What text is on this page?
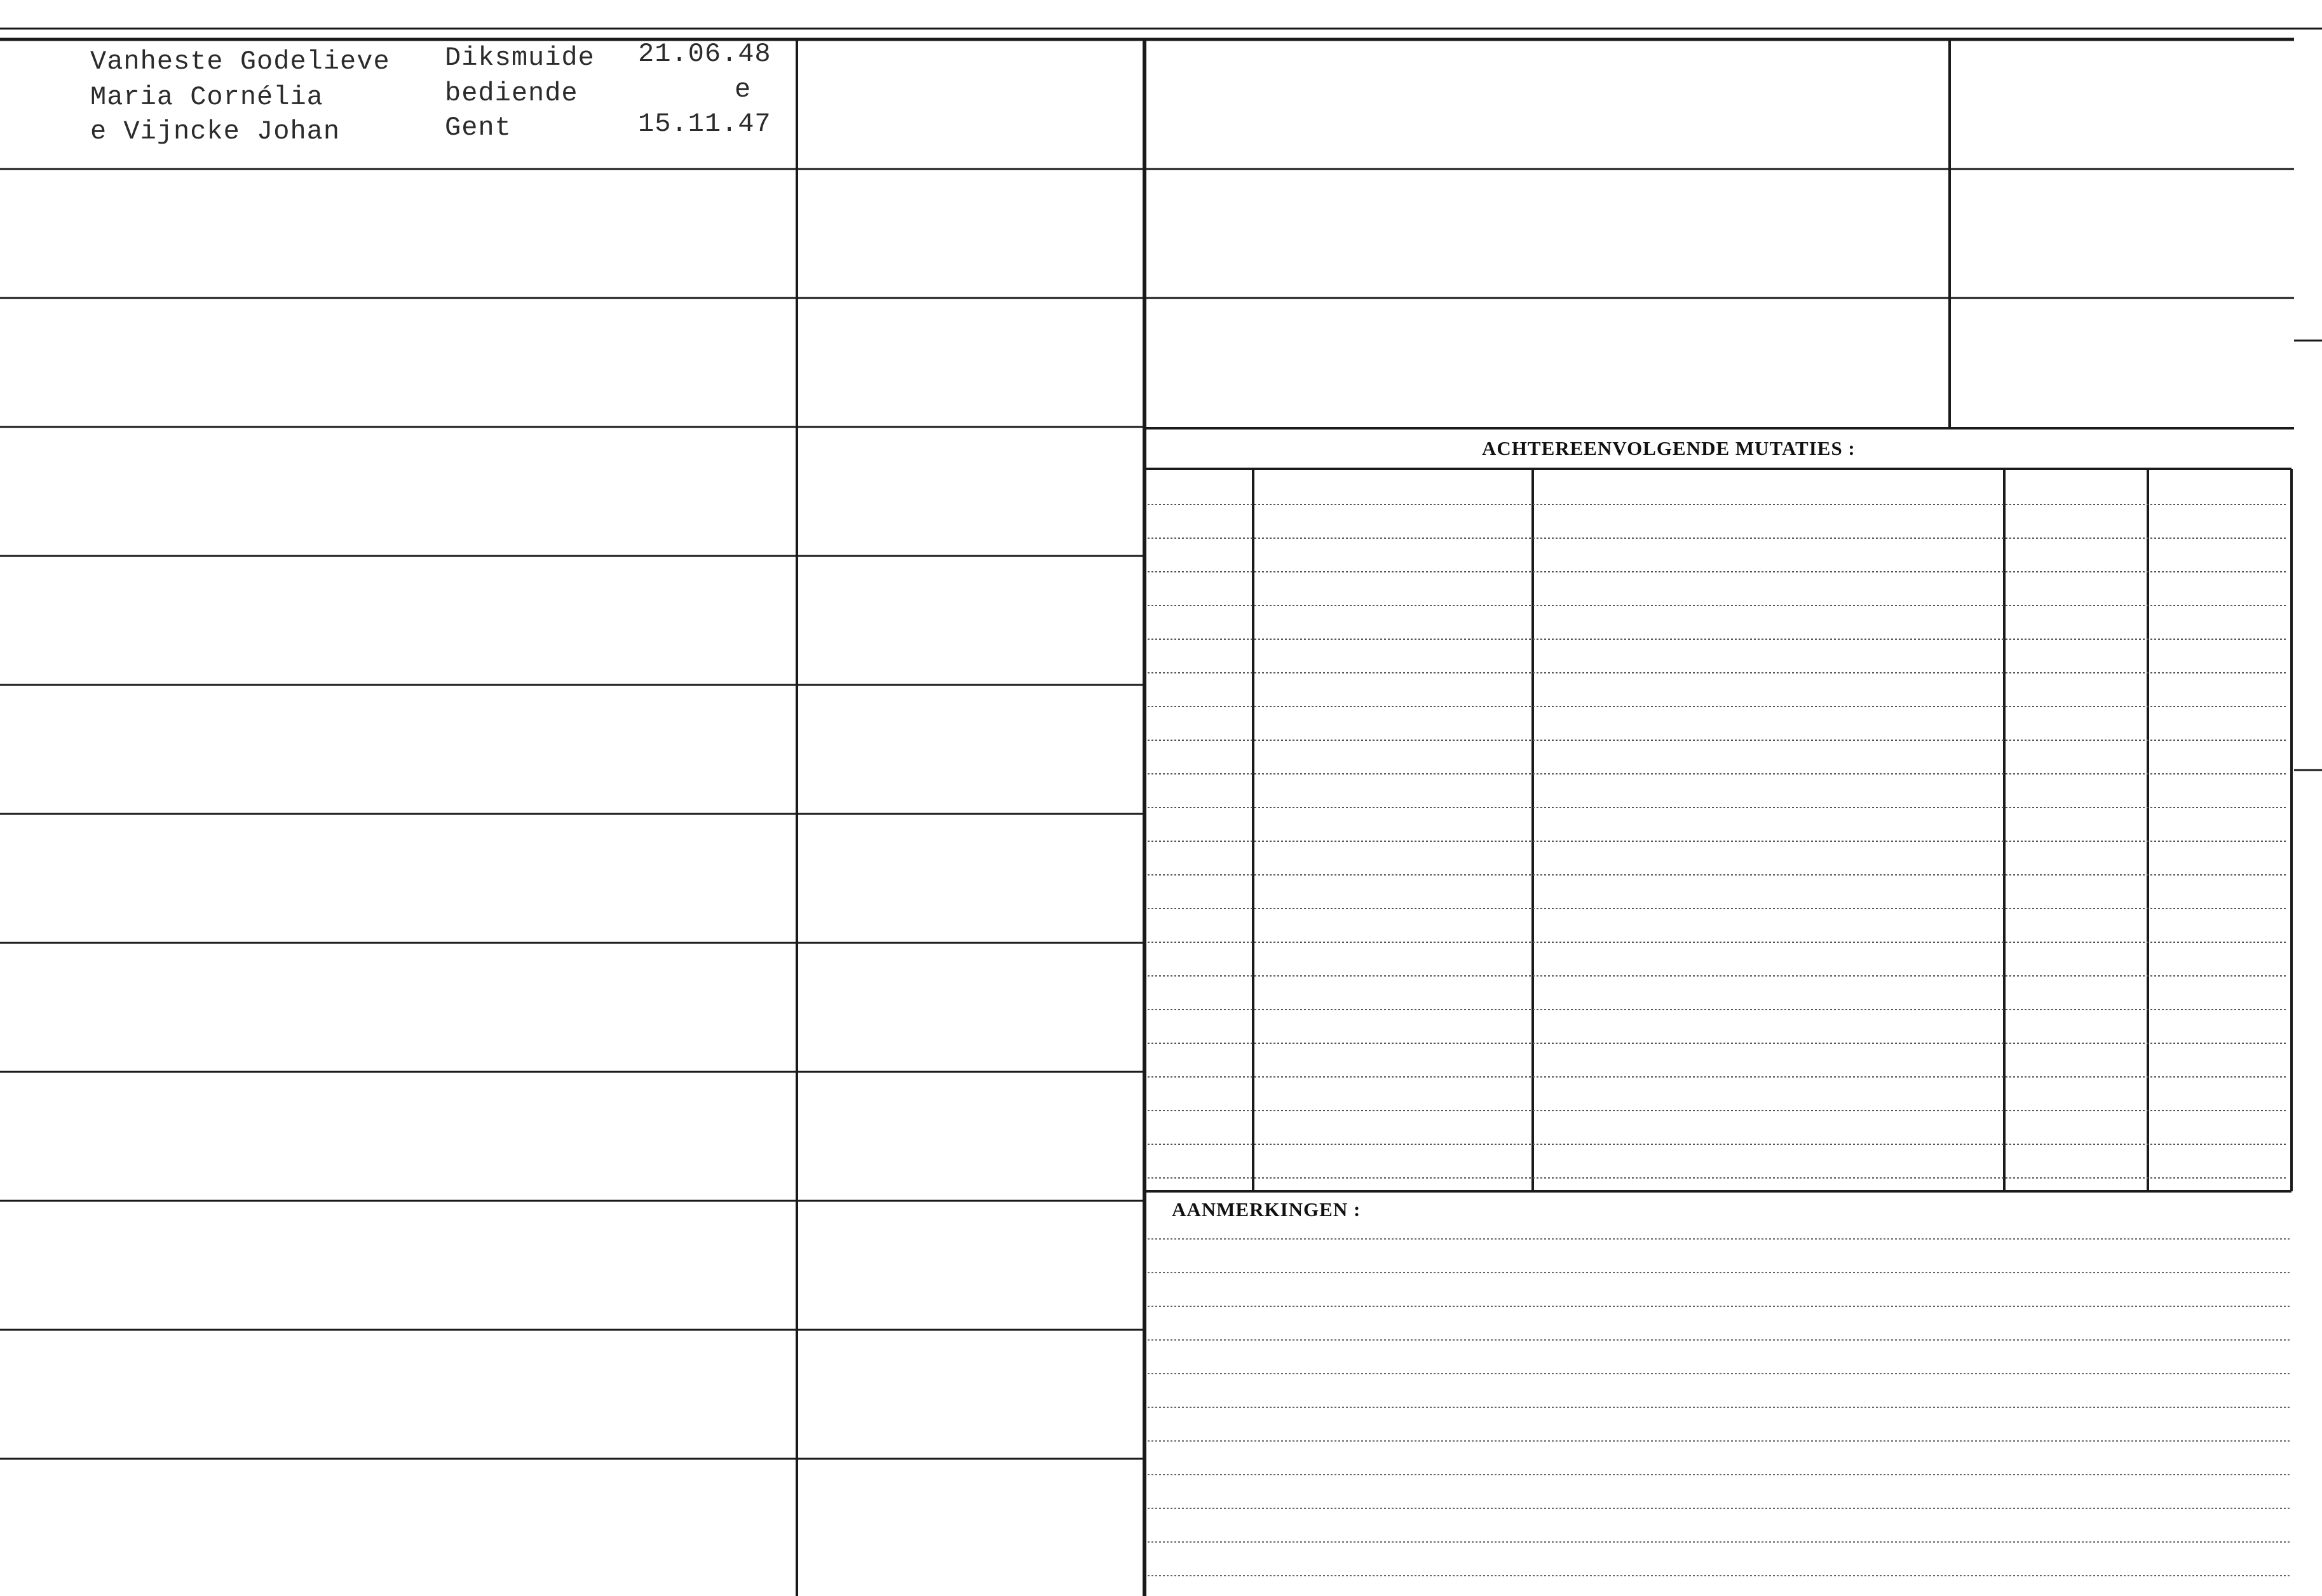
Vanheste Godelieve
Maria Cornélia
e Vijncke Johan
Diksmuide
bediende
Gent
21.06.48
e
15.11.47
ACHTEREENVOLGENDE MUTATIES :
AANMERKINGEN :
